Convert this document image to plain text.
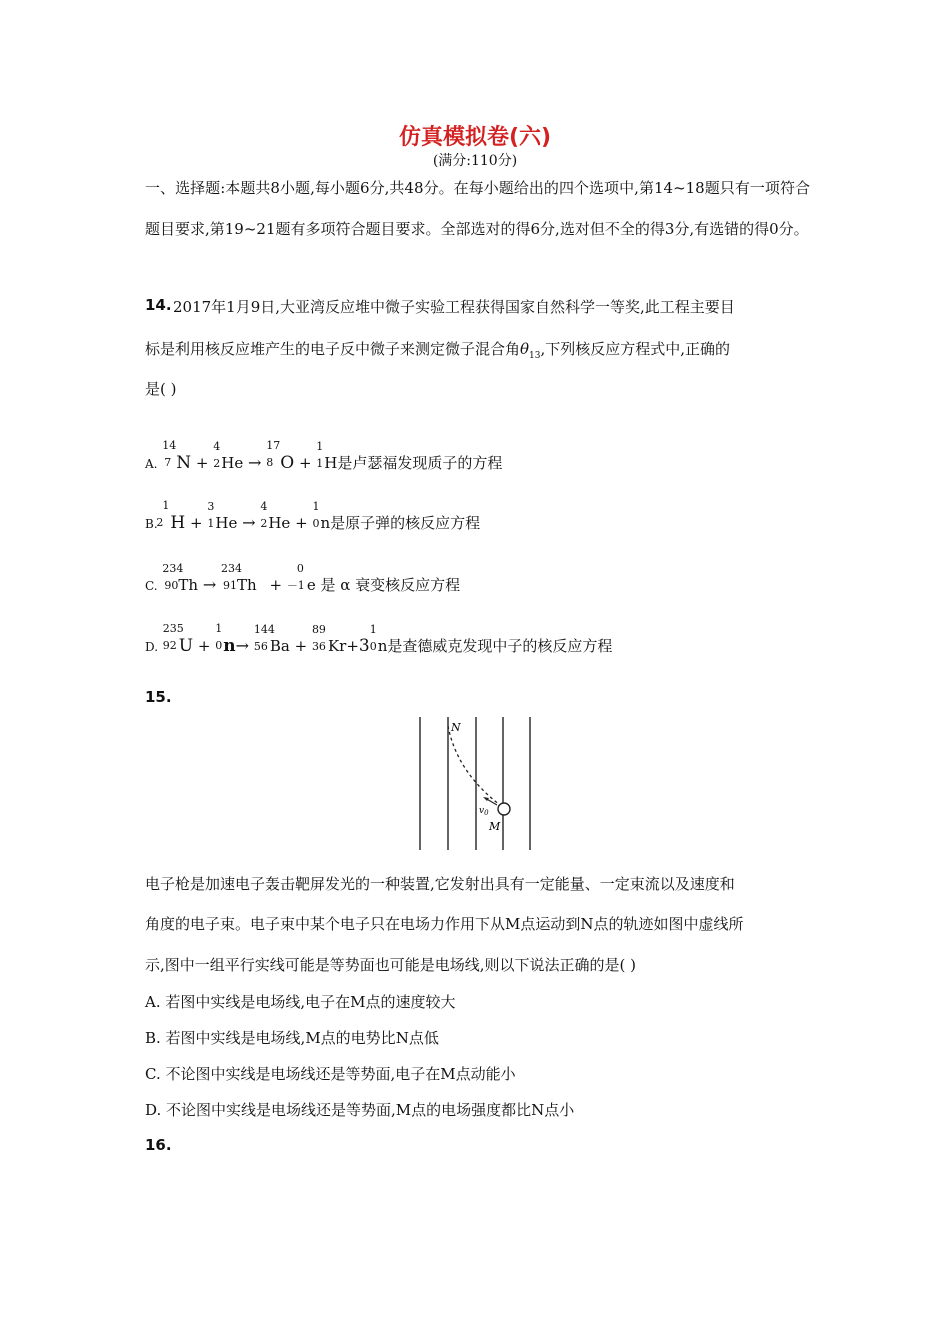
仿真模拟卷(六)
(满分:110分)
一、选择题:本题共8小题,每小题6分,共48分。在每小题给出的四个选项中,第14~18题只有一项符合题目要求,第19~21题有多项符合题目要求。全部选对的得6分,选对但不全的得3分,有选错的得0分。
14. 2017年1月9日,大亚湾反应堆中微子实验工程获得国家自然科学一等奖,此工程主要目
标是利用核反应堆产生的电子反中微子来测定微子混合角$\theta_{13}$,下列核反应方程式中,正确的
是( )
A.
14
7 N +
4
2 He →
17
8 O +
1
1 H是卢瑟福发现质子的方程
B.
1
2 H +
3
1 He →
4
2 He +
1
0 n是原子弹的核反应方程
C.
234
90 Th →
234
91 Th +
0
－1 e 是 α 衰变核反应方程
D.
235
92 U +
1
0 n→
144
56 Ba +
89
36 Kr+3
1
0 n是查德威克发现中子的核反应方程
15.
N
M
$v_0$
电子枪是加速电子轰击靶屏发光的一种装置,它发射出具有一定能量、一定束流以及速度和
角度的电子束。电子束中某个电子只在电场力作用下从M点运动到N点的轨迹如图中虚线所
示,图中一组平行实线可能是等势面也可能是电场线,则以下说法正确的是( )
A. 若图中实线是电场线,电子在M点的速度较大
B. 若图中实线是电场线,M点的电势比N点低
C. 不论图中实线是电场线还是等势面,电子在M点动能小
D. 不论图中实线是电场线还是等势面,M点的电场强度都比N点小
16.
